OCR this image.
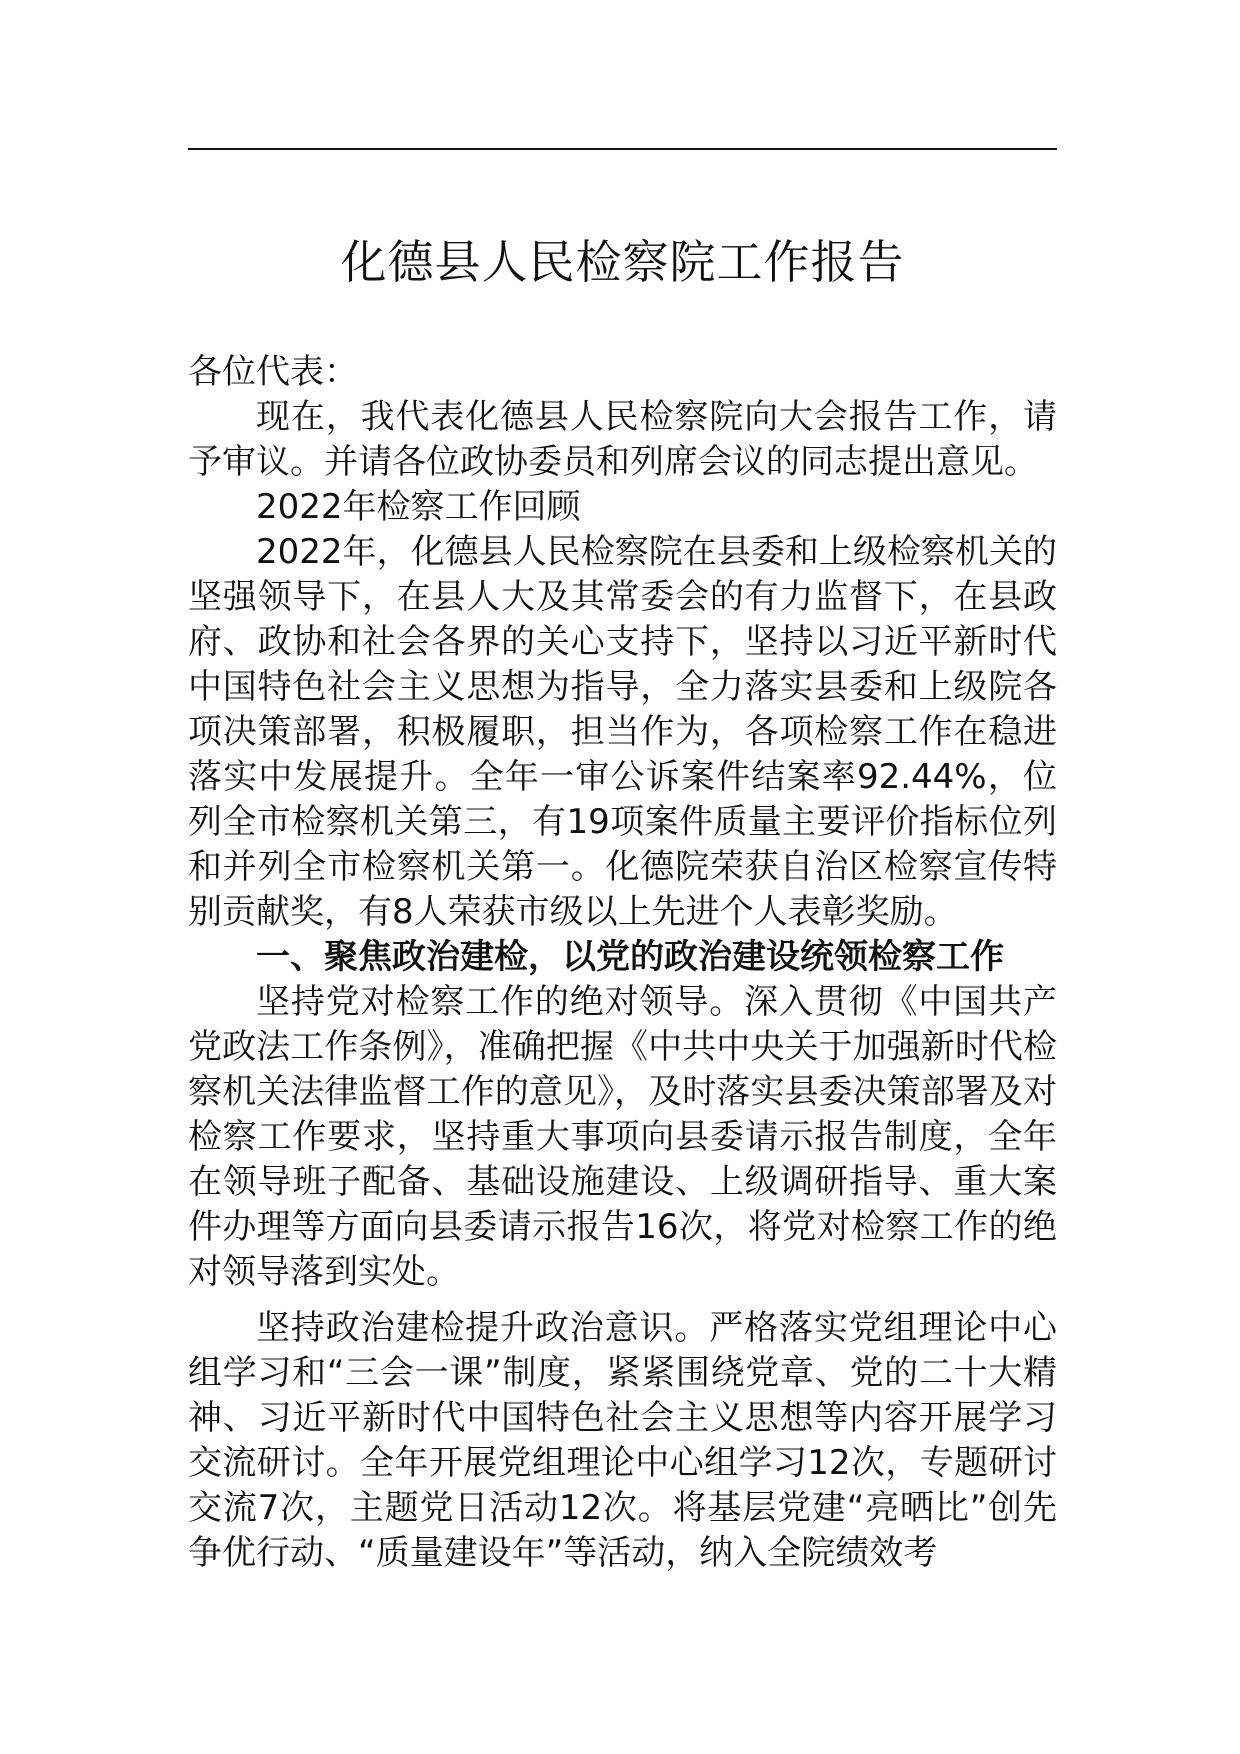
化德县人民检察院工作报告

各位代表：

现在，我代表化德县人民检察院向大会报告工作，请予审议。并请各位政协委员和列席会议的同志提出意见。

2022年检察工作回顾

2022年，化德县人民检察院在县委和上级检察机关的坚强领导下，在县人大及其常委会的有力监督下，在县政府、政协和社会各界的关心支持下，坚持以习近平新时代中国特色社会主义思想为指导，全力落实县委和上级院各项决策部署，积极履职，担当作为，各项检察工作在稳进落实中发展提升。全年一审公诉案件结案率92.44%，位列全市检察机关第三，有19项案件质量主要评价指标位列和并列全市检察机关第一。化德院荣获自治区检察宣传特别贡献奖，有8人荣获市级以上先进个人表彰奖励。

一、聚焦政治建检，以党的政治建设统领检察工作

坚持党对检察工作的绝对领导。深入贯彻《中国共产党政法工作条例》，准确把握《中共中央关于加强新时代检察机关法律监督工作的意见》，及时落实县委决策部署及对检察工作要求，坚持重大事项向县委请示报告制度，全年在领导班子配备、基础设施建设、上级调研指导、重大案件办理等方面向县委请示报告16次，将党对检察工作的绝对领导落到实处。

坚持政治建检提升政治意识。严格落实党组理论中心组学习和“三会一课”制度，紧紧围绕党章、党的二十大精神、习近平新时代中国特色社会主义思想等内容开展学习交流研讨。全年开展党组理论中心组学习12次，专题研讨交流7次，主题党日活动12次。将基层党建“亮晒比”创先争优行动、“质量建设年”等活动，纳入全院绩效考
